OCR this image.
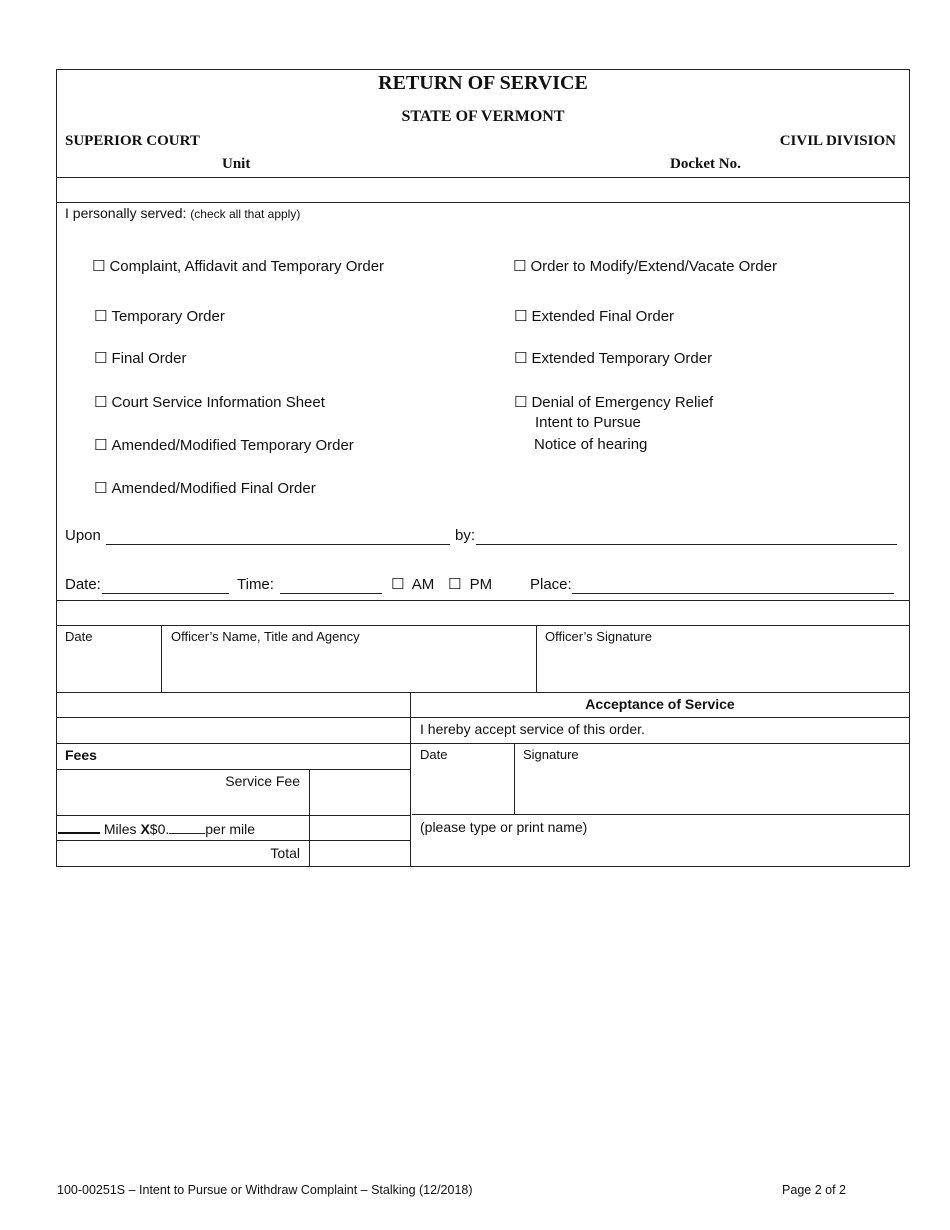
RETURN OF SERVICE
STATE OF VERMONT
SUPERIOR COURT	CIVIL DIVISION
Unit	Docket No.
I personally served: (check all that apply)
☐ Complaint, Affidavit and Temporary Order
☐ Temporary Order
☐ Final Order
☐ Court Service Information Sheet
☐ Amended/Modified Temporary Order
☐ Amended/Modified Final Order
☐ Order to Modify/Extend/Vacate Order
☐ Extended Final Order
☐ Extended Temporary Order
☐ Denial of Emergency Relief
Intent to Pursue
Notice of hearing
Upon	by:
Date:	Time:	☐ AM ☐ PM	Place:
Date	Officer’s Name, Title and Agency	Officer’s Signature
Acceptance of Service
I hereby accept service of this order.
Date	Signature
(please type or print name)
Fees
Service Fee
Miles X$0.	per mile
Total
100-00251S – Intent to Pursue or Withdraw Complaint – Stalking (12/2018)	Page 2 of 2
